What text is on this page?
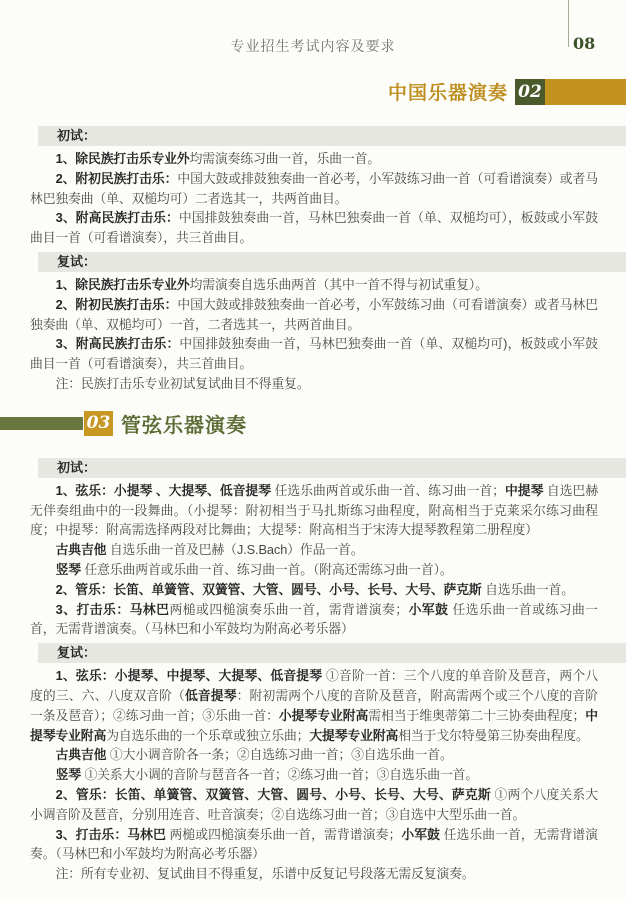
专业招生考试内容及要求	08
中国乐器演奏 02
初试：

1、除民族打击乐专业外均需演奏练习曲一首，乐曲一首。

2、附初民族打击乐：中国大鼓或排鼓独奏曲一首必考，小军鼓练习曲一首（可看谱演奏）或者马林巴独奏曲（单、双槌均可）二者选其一，共两首曲目。

3、附高民族打击乐：中国排鼓独奏曲一首，马林巴独奏曲一首（单、双槌均可），板鼓或小军鼓曲目一首（可看谱演奏），共三首曲目。

复试：

1、除民族打击乐专业外均需演奏自选乐曲两首（其中一首不得与初试重复）。

2、附初民族打击乐：中国大鼓或排鼓独奏曲一首必考，小军鼓练习曲（可看谱演奏）或者马林巴独奏曲（单、双槌均可）一首，二者选其一，共两首曲目。

3、附高民族打击乐：中国排鼓独奏曲一首，马林巴独奏曲一首（单、双槌均可)，板鼓或小军鼓曲目一首（可看谱演奏），共三首曲目。

注：民族打击乐专业初试复试曲目不得重复。

03 管弦乐器演奏
初试：

1、弦乐：小提琴 、大提琴、低音提琴 任选乐曲两首或乐曲一首、练习曲一首；中提琴 自选巴赫无伴奏组曲中的一段舞曲。（小提琴：附初相当于马扎斯练习曲程度，附高相当于克莱采尔练习曲程度；中提琴：附高需选择两段对比舞曲；大提琴：附高相当于宋涛大提琴教程第二册程度）

古典吉他 自选乐曲一首及巴赫（J.S.Bach）作品一首。

竖琴 任意乐曲两首或乐曲一首、练习曲一首。（附高还需练习曲一首）。

2、管乐：长笛、单簧管、双簧管、大管、圆号、小号、长号、大号、萨克斯 自选乐曲一首。

3、打击乐：马林巴两槌或四槌演奏乐曲一首，需背谱演奏；小军鼓 任选乐曲一首或练习曲一首，无需背谱演奏。（马林巴和小军鼓均为附高必考乐器）

复试：

1、弦乐：小提琴、中提琴、大提琴、低音提琴 ①音阶一首：三个八度的单音阶及琶音，两个八度的三、六、八度双音阶（低音提琴：附初需两个八度的音阶及琶音，附高需两个或三个八度的音阶一条及琶音）；②练习曲一首；③乐曲一首：小提琴专业附高需相当于维奥蒂第二十三协奏曲程度；中提琴专业附高为自选乐曲的一个乐章或独立乐曲；大提琴专业附高相当于戈尔特曼第三协奏曲程度。

古典吉他 ①大小调音阶各一条；②自选练习曲一首；③自选乐曲一首。

竖琴 ①关系大小调的音阶与琶音各一首；②练习曲一首；③自选乐曲一首。

2、管乐：长笛、单簧管、双簧管、大管、圆号、小号、长号、大号、萨克斯 ①两个八度关系大小调音阶及琶音，分别用连音、吐音演奏；②自选练习曲一首；③自选中大型乐曲一首。

3、打击乐：马林巴 两槌或四槌演奏乐曲一首，需背谱演奏；小军鼓 任选乐曲一首，无需背谱演奏。（马林巴和小军鼓均为附高必考乐器）

注：所有专业初、复试曲目不得重复，乐谱中反复记号段落无需反复演奏。
